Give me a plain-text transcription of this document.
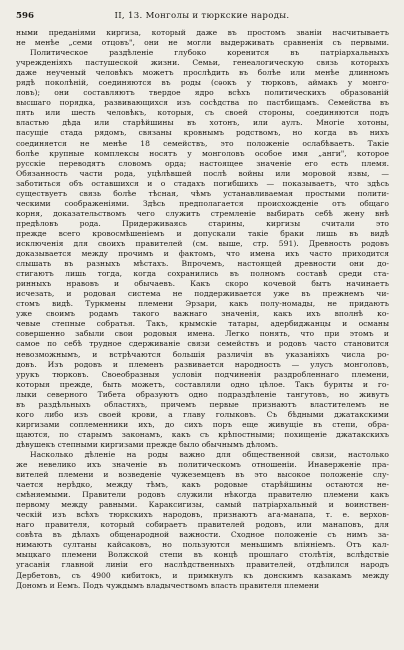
596	II, 13. Монголы и тюркские народы.
ными преданіями киргиза, который даже въ простомъ званіи насчитываетъ
не менѣе „семи отцовъ", они не могли выдерживать сравненія съ первыми.
Политическое раздѣленіе глубоко коренится въ патріархальныхъ
учрежденіяхъ пастушеской жизни. Семьи, генеалогическую связь которыхъ
даже неученый человѣкъ можетъ прослѣдить въ болѣе или менѣе длинномъ
рядѣ поколѣній, соединяются въ роды (сѳокъ у тюрковъ, аймакъ у монго-
ловъ); они составляютъ твердое ядро всѣхъ политическихъ образованій
высшаго порядка, развивающихся изъ сосѣдства по пастбищамъ. Семейства въ
пять или шесть человѣкъ, которыя, съ своей стороны, соединяются подъ
властью дѣда или старѣйшины въ хотонъ, или аулъ. Многіе хотоны,
пасущіе стада рядомъ, связаны кровнымъ родствомъ, но когда въ нихъ
соединяется не менѣе 18 семействъ, это положеніе ослабѣваетъ. Такіе
болѣе крупные комплексы носятъ у монголовъ особое имя „анги", которое
русскіе переводятъ словомъ орда; настоящее значеніе его есть племя.
Обязанность части рода, уцѣлѣвшей послѣ войны или моровой язвы, —
заботиться объ оставшихся и о стадахъ погибшихъ — показываетъ, что здѣсь
существуетъ связь болѣе тѣсная, чѣмъ устанавливаемая простыми полити-
ческими соображеніями. Здѣсь предполагается происхожденіе отъ общаго
корня, доказательствомъ чего служитъ стремленіе выбирать себѣ жену внѣ
предѣловъ рода. Придерживаясь старины, киргизы считали это
прежде всего кровосмѣшеніемъ и допускали такіе браки лишь въ видѣ
исключенія для своихъ правителей (см. выше, стр. 591). Древность родовъ
доказывается между прочимъ и фактомъ, что имена ихъ часто приходится
слышать въ разныхъ мѣстахъ. Впрочемъ, настоящей древности они до-
стигаютъ лишь тогда, когда сохранились въ полномъ составѣ среди ста-
ринныхъ нравовъ и обычаевъ. Какъ скоро кочевой бытъ начинаетъ
исчезать, и родовая система не поддерживается уже въ прежнемъ чи-
стомъ видѣ. Туркмены племени Эрзари, какъ полу-номады, не придаютъ
уже своимъ родамъ такого важнаго значенія, какъ ихъ вполнѣ ко-
чевые степные собратья. Такъ, крымскіе татары, адербиджанцы и османы
совершенно забыли свои родовыя имена. Легко понять, что при этомъ и
самое по себѣ трудное сдерживаніе связи семействъ и родовъ часто становится
невозможнымъ, и встрѣчаются большія различія въ указаніяхъ числа ро-
довъ. Изъ родовъ и племенъ развивается народность — улусъ монголовъ,
урукъ тюрковъ. Своеобразныя условія подчиненія раздробленнаго племени,
которыя прежде, быть можетъ, составляли одно цѣлое. Такъ буряты и го-
лыки северного Тибета образуютъ одно подраздѣленіе тангутовъ, но живутъ
въ раздѣльныхъ областяхъ, причемъ первые признаютъ властителемъ не
кого либо изъ своей крови, а главу голыковъ. Съ бѣдными джатакскими
киргизами соплеменники ихъ, до сихъ поръ еще живущіе въ степи, обра-
щаются, по старымъ законамъ, какъ съ крѣпостными; похищеніе джатакскихъ
дѣвушекъ степными киргизами прежде было обычнымъ дѣломъ.
Насколько дѣленіе на роды важно для общественной связи, настолько
же невелико ихъ значеніе въ политическомъ отношеніи. Инаверженіе пра-
вителей племени и возведеніе чужеземцевъ въ это высокое положеніе слу-
чается нерѣдко, между тѣмъ, какъ родовые старѣйшины остаются не-
смѣняемыми. Правители родовъ служили нѣкогда правителю племени какъ
первому между равными. Караксигизы, самый патріархальный и воинствен-
ческій изъ всѣхъ тюркскихъ народовъ, признаютъ ага-манапа, т. е. верхов-
наго правителя, который собираетъ правителей родовъ, или манаповъ, для
совѣта въ дѣлахъ общенародной важности. Сходное положеніе съ нимъ за-
нимаютъ султаны кайсаковъ, но пользуются меньшимъ вліяніемъ. Отъ кал-
мыцкаго племени Волжской степи въ концѣ прошлаго столѣтія, вслѣдствіе
угасанія главной линіи его наслѣдственныхъ правителей, отдѣлился народъ
Дербетовъ, съ 4900 кибитокъ, и примкнулъ къ донскимъ казакамъ между
Дономъ и Еемъ. Подъ чуждымъ владычествомъ власть правителя племени
